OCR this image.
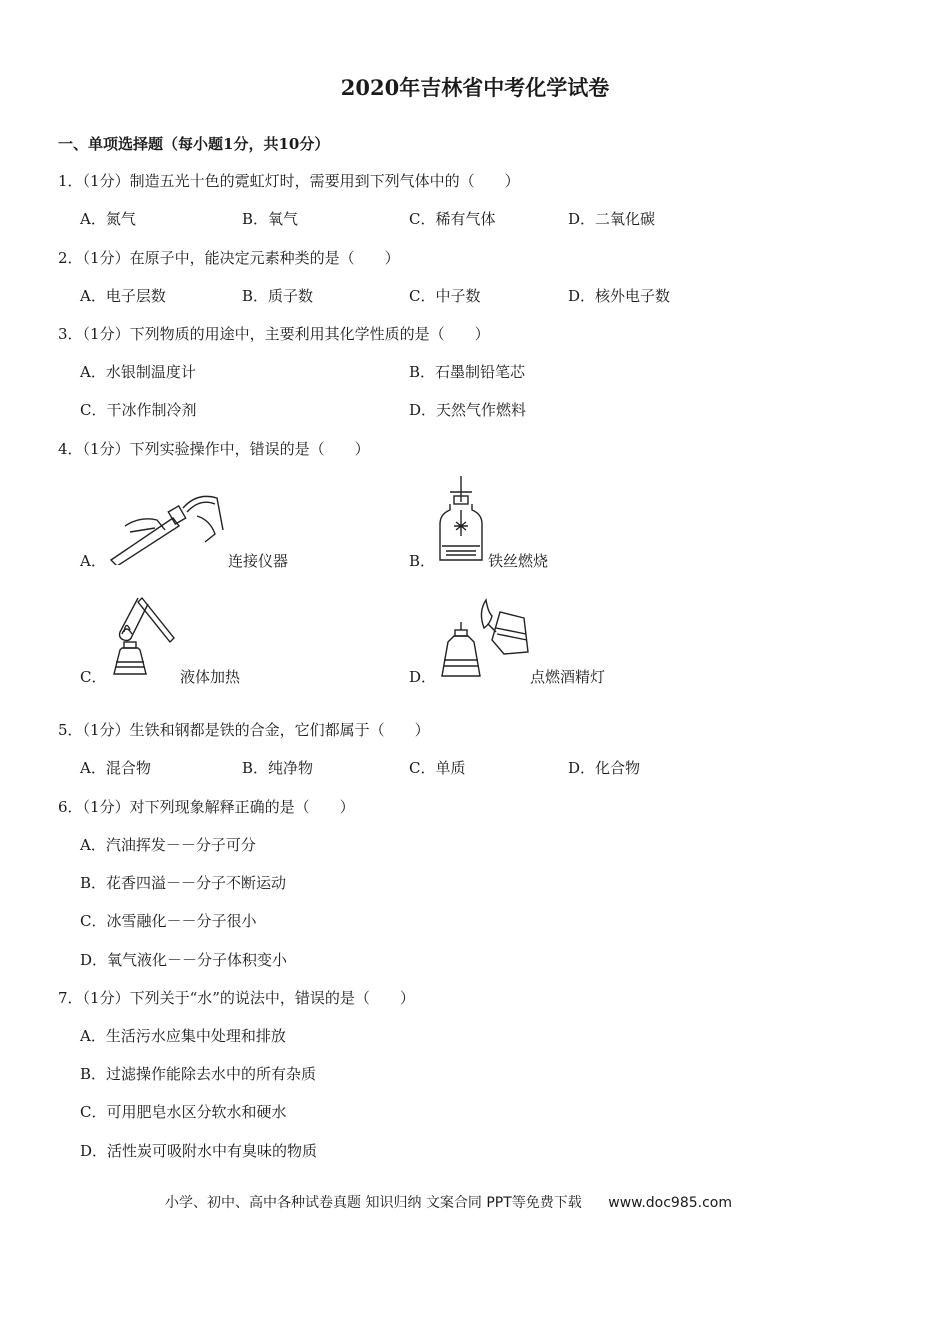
2020年吉林省中考化学试卷
一、单项选择题（每小题1分，共10分）
1．（1分）制造五光十色的霓虹灯时，需要用到下列气体中的（　　）
A．氮气	B．氧气	C．稀有气体	D．二氧化碳
2．（1分）在原子中，能决定元素种类的是（　　）
A．电子层数	B．质子数	C．中子数	D．核外电子数
3．（1分）下列物质的用途中，主要利用其化学性质的是（　　）
A．水银制温度计	B．石墨制铅笔芯
C．干冰作制冷剂	D．天然气作燃料
4．（1分）下列实验操作中，错误的是（　　）
A．	连接仪器	B．	铁丝燃烧
C．	液体加热	D．	点燃酒精灯
5．（1分）生铁和钢都是铁的合金，它们都属于（　　）
A．混合物	B．纯净物	C．单质	D．化合物
6．（1分）对下列现象解释正确的是（　　）
A．汽油挥发－－分子可分
B．花香四溢－－分子不断运动
C．冰雪融化－－分子很小
D．氧气液化－－分子体积变小
7．（1分）下列关于“水”的说法中，错误的是（　　）
A．生活污水应集中处理和排放
B．过滤操作能除去水中的所有杂质
C．可用肥皂水区分软水和硬水
D．活性炭可吸附水中有臭味的物质
小学、初中、高中各种试卷真题 知识归纳 文案合同 PPT等免费下载 www.doc985.com
